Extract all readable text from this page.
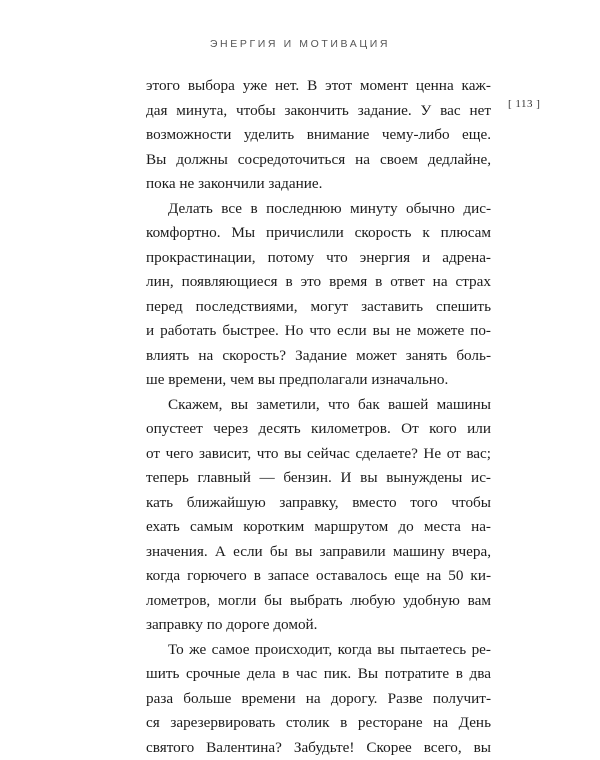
ЭНЕРГИЯ И МОТИВАЦИЯ
[ 113 ]
этого выбора уже нет. В этот момент ценна каж-
дая минута, чтобы закончить задание. У вас нет
возможности уделить внимание чему-либо еще.
Вы должны сосредоточиться на своем дедлайне,
пока не закончили задание.
Делать все в последнюю минуту обычно дис-
комфортно. Мы причислили скорость к плюсам
прокрастинации, потому что энергия и адрена-
лин, появляющиеся в это время в ответ на страх
перед последствиями, могут заставить спешить
и работать быстрее. Но что если вы не можете по-
влиять на скорость? Задание может занять боль-
ше времени, чем вы предполагали изначально.
Скажем, вы заметили, что бак вашей машины
опустеет через десять километров. От кого или
от чего зависит, что вы сейчас сделаете? Не от вас;
теперь главный — бензин. И вы вынуждены ис-
кать ближайшую заправку, вместо того чтобы
ехать самым коротким маршрутом до места на-
значения. А если бы вы заправили машину вчера,
когда горючего в запасе оставалось еще на 50 ки-
лометров, могли бы выбрать любую удобную вам
заправку по дороге домой.
То же самое происходит, когда вы пытаетесь ре-
шить срочные дела в час пик. Вы потратите в два
раза больше времени на дорогу. Разве получит-
ся зарезервировать столик в ресторане на День
святого Валентина? Забудьте! Скорее всего, вы
